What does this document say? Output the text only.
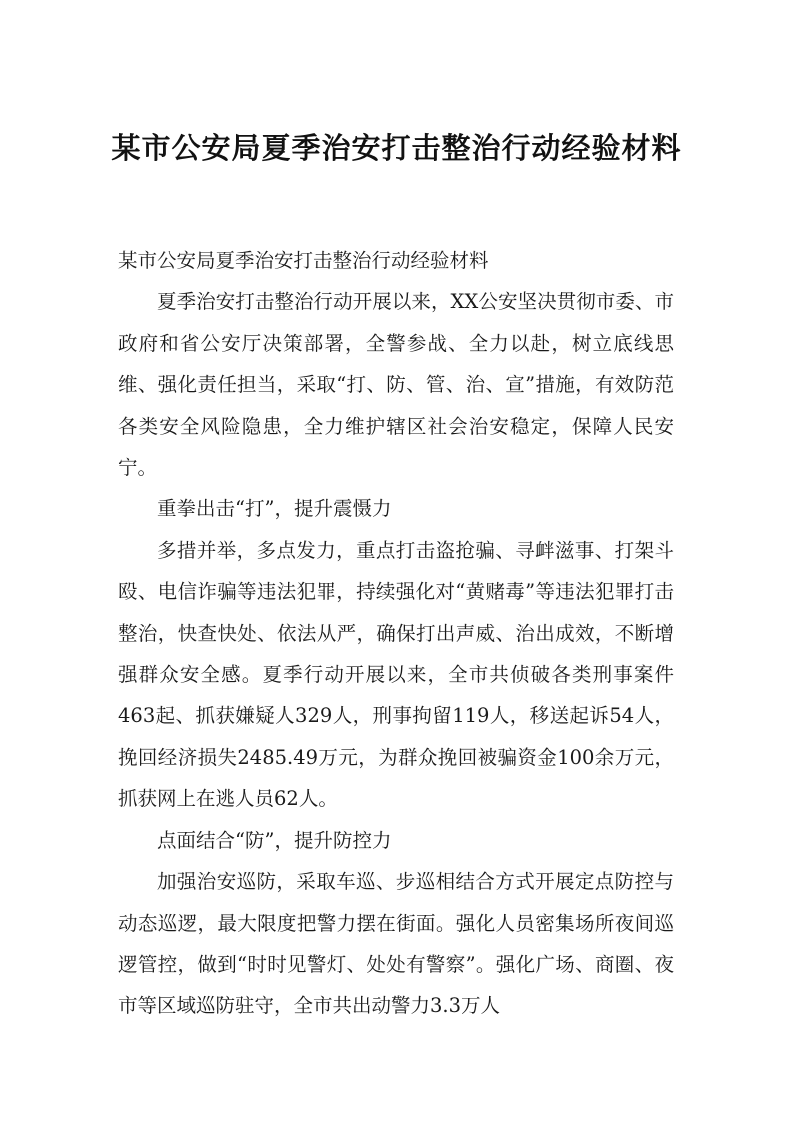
某市公安局夏季治安打击整治行动经验材料

某市公安局夏季治安打击整治行动经验材料

夏季治安打击整治行动开展以来，XX公安坚决贯彻市委、市政府和省公安厅决策部署，全警参战、全力以赴，树立底线思维、强化责任担当，采取“打、防、管、治、宣”措施，有效防范各类安全风险隐患，全力维护辖区社会治安稳定，保障人民安宁。

重拳出击“打”，提升震慑力

多措并举，多点发力，重点打击盗抢骗、寻衅滋事、打架斗殴、电信诈骗等违法犯罪，持续强化对“黄赌毒”等违法犯罪打击整治，快查快处、依法从严，确保打出声威、治出成效，不断增强群众安全感。夏季行动开展以来，全市共侦破各类刑事案件463起、抓获嫌疑人329人，刑事拘留119人，移送起诉54人，挽回经济损失2485.49万元，为群众挽回被骗资金100余万元，抓获网上在逃人员62人。

点面结合“防”，提升防控力

加强治安巡防，采取车巡、步巡相结合方式开展定点防控与动态巡逻，最大限度把警力摆在街面。强化人员密集场所夜间巡逻管控，做到“时时见警灯、处处有警察”。强化广场、商圈、夜市等区域巡防驻守，全市共出动警力3.3万人
